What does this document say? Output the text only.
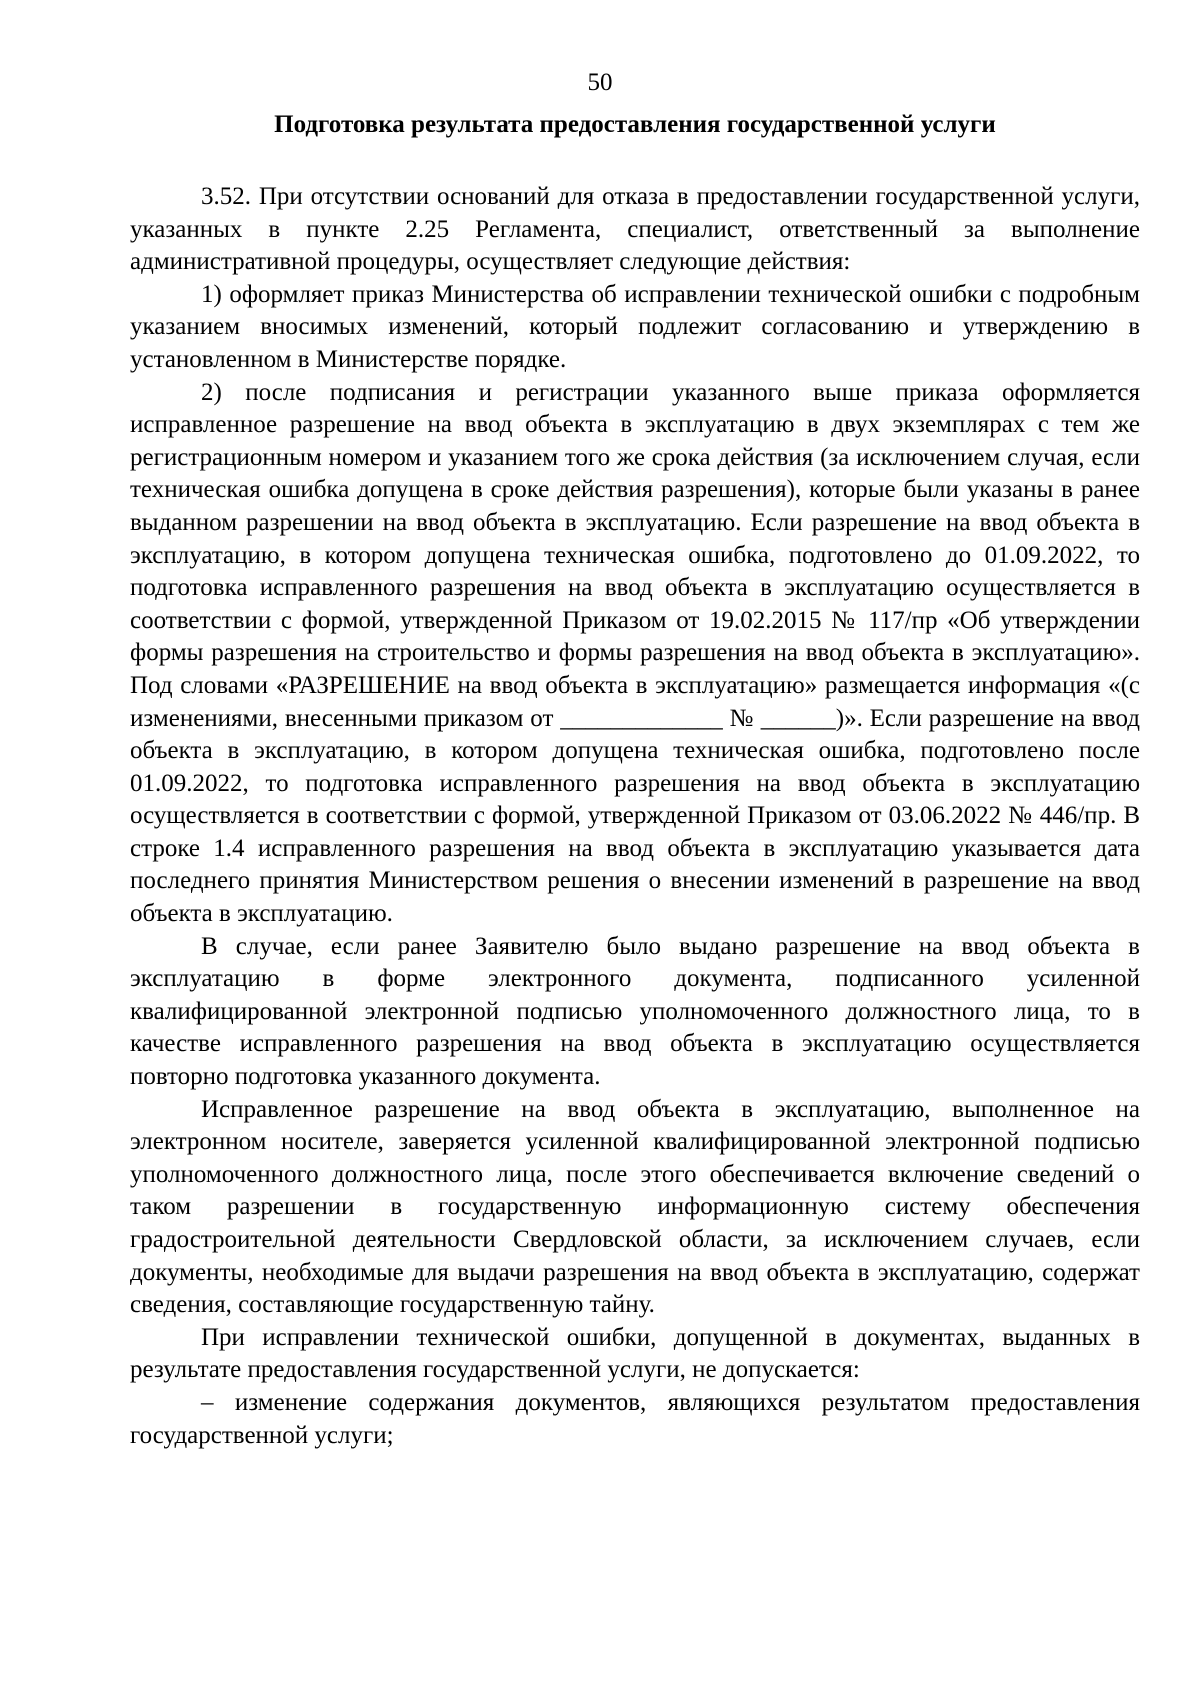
50
Подготовка результата предоставления государственной услуги

3.52. При отсутствии оснований для отказа в предоставлении государственной услуги, указанных в пункте 2.25 Регламента, специалист, ответственный за выполнение административной процедуры, осуществляет следующие действия:

1) оформляет приказ Министерства об исправлении технической ошибки с подробным указанием вносимых изменений, который подлежит согласованию и утверждению в установленном в Министерстве порядке.

2) после подписания и регистрации указанного выше приказа оформляется исправленное разрешение на ввод объекта в эксплуатацию в двух экземплярах с тем же регистрационным номером и указанием того же срока действия (за исключением случая, если техническая ошибка допущена в сроке действия разрешения), которые были указаны в ранее выданном разрешении на ввод объекта в эксплуатацию. Если разрешение на ввод объекта в эксплуатацию, в котором допущена техническая ошибка, подготовлено до 01.09.2022, то подготовка исправленного разрешения на ввод объекта в эксплуатацию осуществляется в соответствии с формой, утвержденной Приказом от 19.02.2015 № 117/пр «Об утверждении формы разрешения на строительство и формы разрешения на ввод объекта в эксплуатацию». Под словами «РАЗРЕШЕНИЕ на ввод объекта в эксплуатацию» размещается информация «(с изменениями, внесенными приказом от _____________ № ______)». Если разрешение на ввод объекта в эксплуатацию, в котором допущена техническая ошибка, подготовлено после 01.09.2022, то подготовка исправленного разрешения на ввод объекта в эксплуатацию осуществляется в соответствии с формой, утвержденной Приказом от 03.06.2022 № 446/пр. В строке 1.4 исправленного разрешения на ввод объекта в эксплуатацию указывается дата последнего принятия Министерством решения о внесении изменений в разрешение на ввод объекта в эксплуатацию.

В случае, если ранее Заявителю было выдано разрешение на ввод объекта в эксплуатацию в форме электронного документа, подписанного усиленной квалифицированной электронной подписью уполномоченного должностного лица, то в качестве исправленного разрешения на ввод объекта в эксплуатацию осуществляется повторно подготовка указанного документа.

Исправленное разрешение на ввод объекта в эксплуатацию, выполненное на электронном носителе, заверяется усиленной квалифицированной электронной подписью уполномоченного должностного лица, после этого обеспечивается включение сведений о таком разрешении в государственную информационную систему обеспечения градостроительной деятельности Свердловской области, за исключением случаев, если документы, необходимые для выдачи разрешения на ввод объекта в эксплуатацию, содержат сведения, составляющие государственную тайну.

При исправлении технической ошибки, допущенной в документах, выданных в результате предоставления государственной услуги, не допускается:

– изменение содержания документов, являющихся результатом предоставления государственной услуги;
